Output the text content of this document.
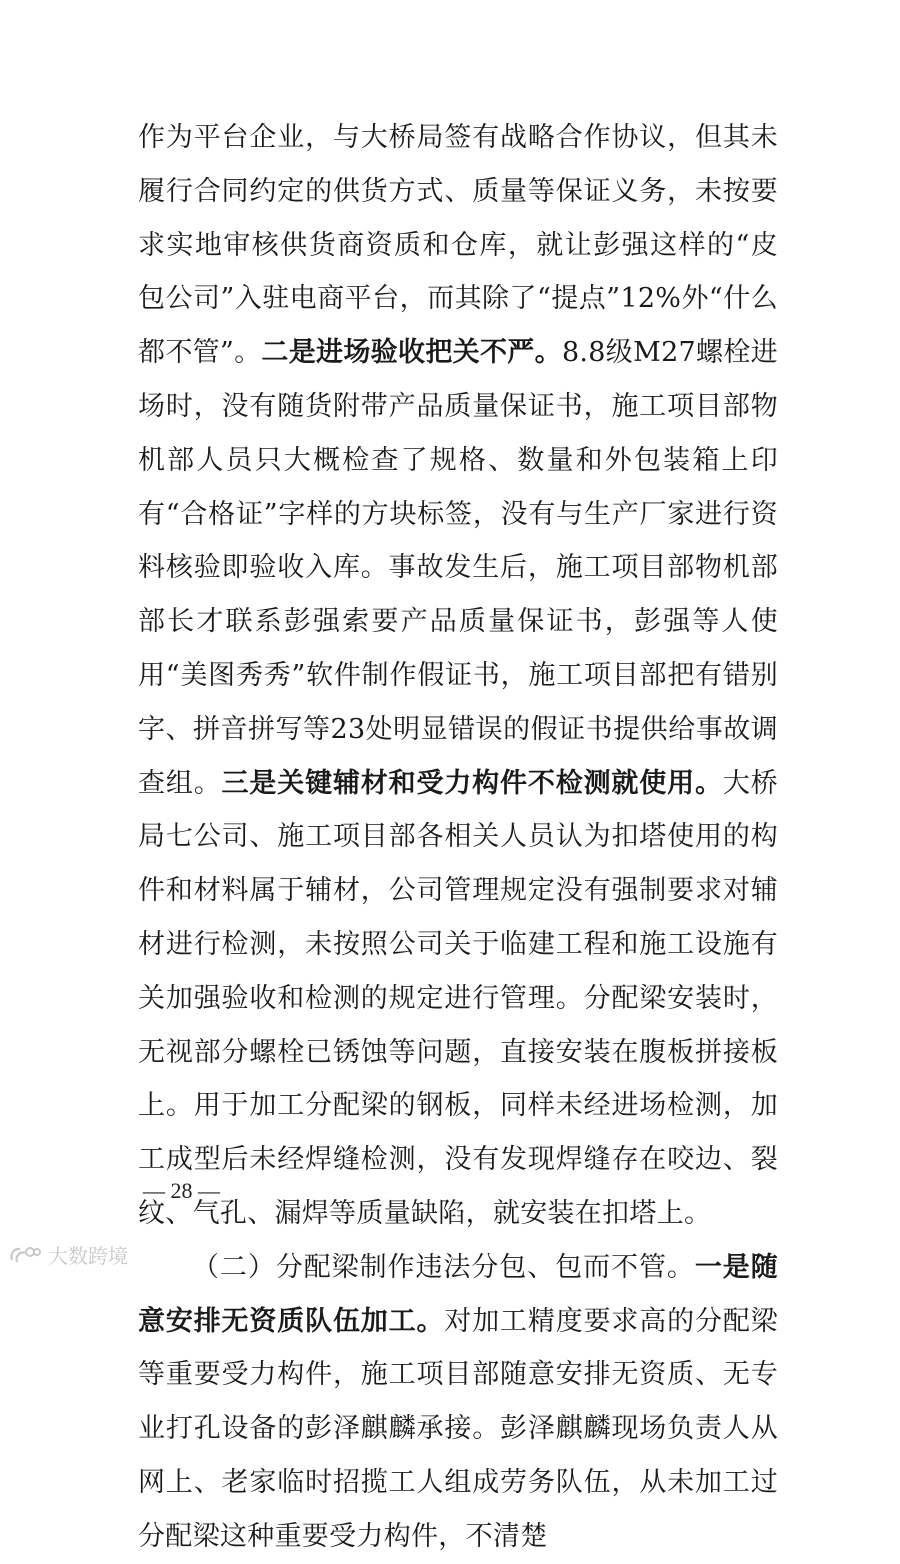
作为平台企业，与大桥局签有战略合作协议，但其未履行合同约定的供货方式、质量等保证义务，未按要求实地审核供货商资质和仓库，就让彭强这样的“皮包公司”入驻电商平台，而其除了“提点”12%外“什么都不管”。二是进场验收把关不严。8.8级M27螺栓进场时，没有随货附带产品质量保证书，施工项目部物机部人员只大概检查了规格、数量和外包装箱上印有“合格证”字样的方块标签，没有与生产厂家进行资料核验即验收入库。事故发生后，施工项目部物机部部长才联系彭强索要产品质量保证书，彭强等人使用“美图秀秀”软件制作假证书，施工项目部把有错别字、拼音拼写等23处明显错误的假证书提供给事故调查组。三是关键辅材和受力构件不检测就使用。大桥局七公司、施工项目部各相关人员认为扣塔使用的构件和材料属于辅材，公司管理规定没有强制要求对辅材进行检测，未按照公司关于临建工程和施工设施有关加强验收和检测的规定进行管理。分配梁安装时，无视部分螺栓已锈蚀等问题，直接安装在腹板拼接板上。用于加工分配梁的钢板，同样未经进场检测，加工成型后未经焊缝检测，没有发现焊缝存在咬边、裂纹、气孔、漏焊等质量缺陷，就安装在扣塔上。

（二）分配梁制作违法分包、包而不管。一是随意安排无资质队伍加工。对加工精度要求高的分配梁等重要受力构件，施工项目部随意安排无资质、无专业打孔设备的彭泽麒麟承接。彭泽麒麟现场负责人从网上、老家临时招揽工人组成劳务队伍，从未加工过分配梁这种重要受力构件，不清楚

— 28 —
大数跨境
